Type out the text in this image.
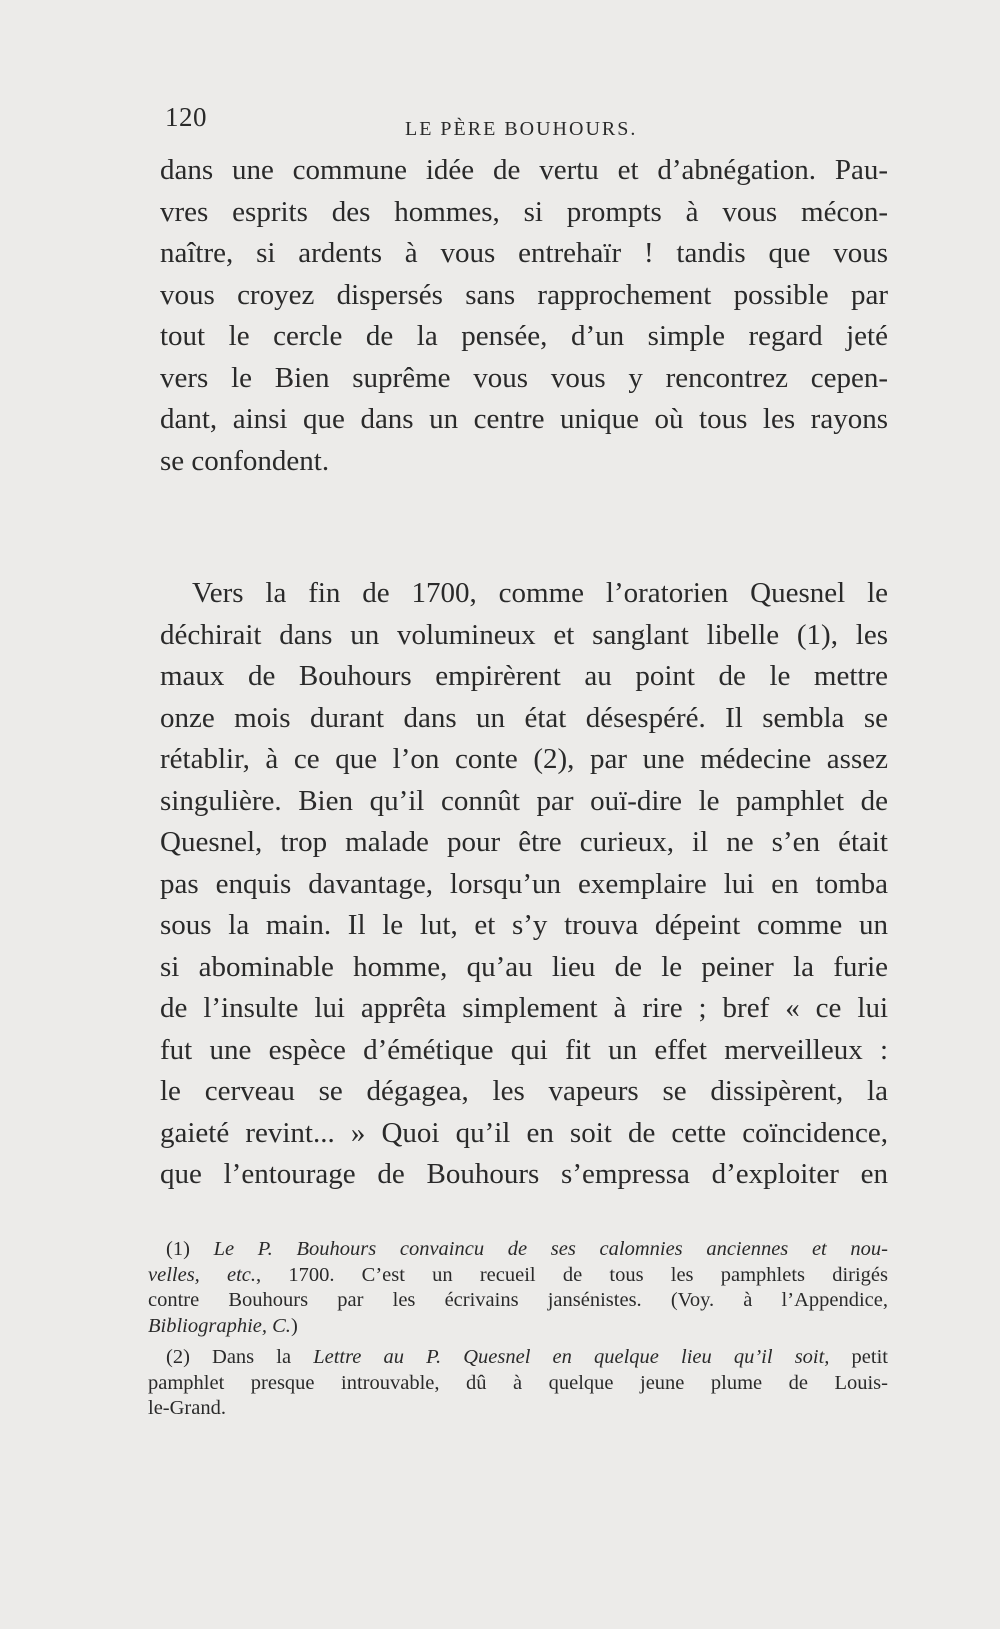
120	LE PÈRE BOUHOURS.
dans une commune idée de vertu et d’abnégation. Pau-
vres esprits des hommes, si prompts à vous mécon-
naître, si ardents à vous entrehaïr ! tandis que vous
vous croyez dispersés sans rapprochement possible par
tout le cercle de la pensée, d’un simple regard jeté
vers le Bien suprême vous vous y rencontrez cepen-
dant, ainsi que dans un centre unique où tous les rayons
se confondent.
Vers la fin de 1700, comme l’oratorien Quesnel le
déchirait dans un volumineux et sanglant libelle (1), les
maux de Bouhours empirèrent au point de le mettre
onze mois durant dans un état désespéré. Il sembla se
rétablir, à ce que l’on conte (2), par une médecine assez
singulière. Bien qu’il connût par ouï-dire le pamphlet de
Quesnel, trop malade pour être curieux, il ne s’en était
pas enquis davantage, lorsqu’un exemplaire lui en tomba
sous la main. Il le lut, et s’y trouva dépeint comme un
si abominable homme, qu’au lieu de le peiner la furie
de l’insulte lui apprêta simplement à rire ; bref « ce lui
fut une espèce d’émétique qui fit un effet merveilleux :
le cerveau se dégagea, les vapeurs se dissipèrent, la
gaieté revint... » Quoi qu’il en soit de cette coïncidence,
que l’entourage de Bouhours s’empressa d’exploiter en
(1) Le P. Bouhours convaincu de ses calomnies anciennes et nou-
velles, etc., 1700. C’est un recueil de tous les pamphlets dirigés
contre Bouhours par les écrivains jansénistes. (Voy. à l’Appendice,
Bibliographie, C.)
(2) Dans la Lettre au P. Quesnel en quelque lieu qu’il soit, petit
pamphlet presque introuvable, dû à quelque jeune plume de Louis-
le-Grand.
